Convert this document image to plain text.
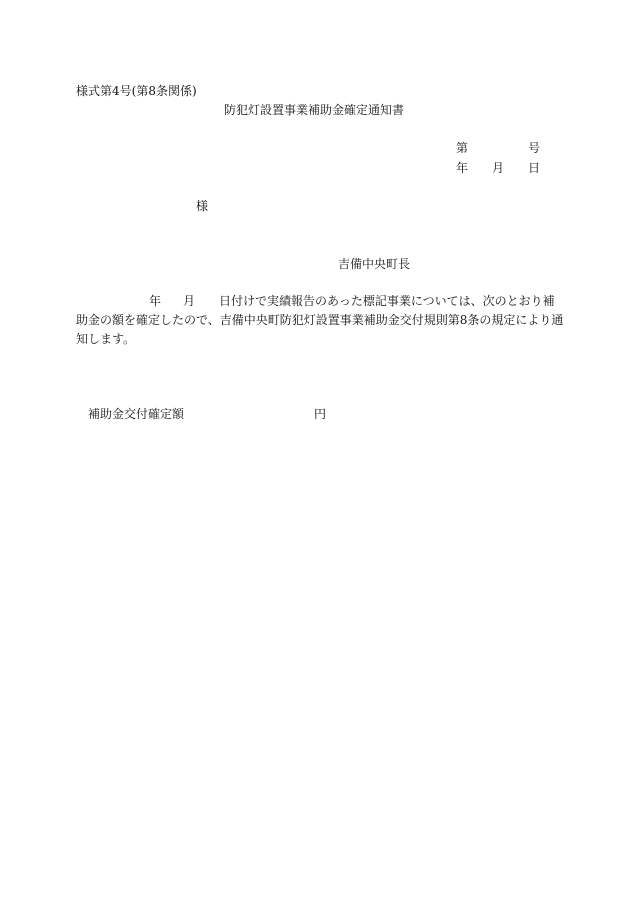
様式第4号(第8条関係)
防犯灯設置事業補助金確定通知書
第	号
年 月 日
様
吉備中央町長
年 月 日付けで実績報告のあった標記事業については、次のとおり補
助金の額を確定したので、吉備中央町防犯灯設置事業補助金交付規則第8条の規定により通
知します。
補助金交付確定額	円
